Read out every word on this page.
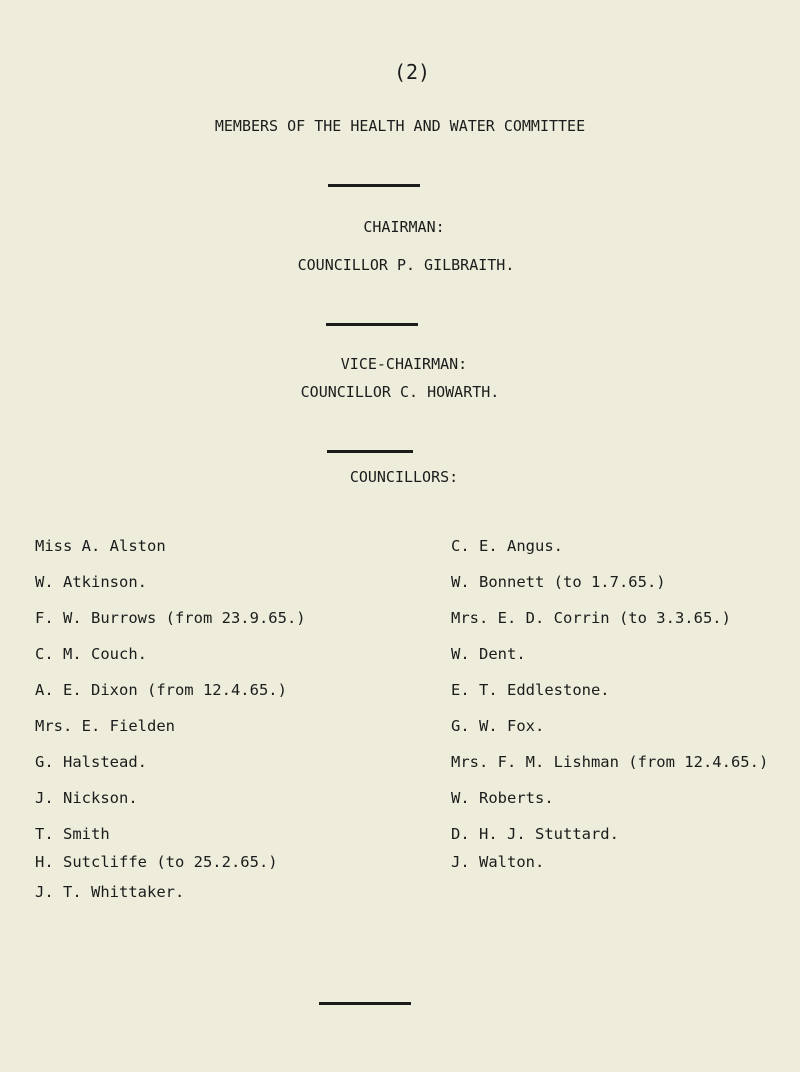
(2)
MEMBERS OF THE HEALTH AND WATER COMMITTEE
CHAIRMAN:
COUNCILLOR P. GILBRAITH.
VICE-CHAIRMAN:
COUNCILLOR C. HOWARTH.
COUNCILLORS:
Miss A. Alston
W. Atkinson.
F. W. Burrows (from 23.9.65.)
C. M. Couch.
A. E. Dixon (from 12.4.65.)
Mrs. E. Fielden
G. Halstead.
J. Nickson.
T. Smith
H. Sutcliffe (to 25.2.65.)
J. T. Whittaker.
C. E. Angus.
W. Bonnett (to 1.7.65.)
Mrs. E. D. Corrin (to 3.3.65.)
W. Dent.
E. T. Eddlestone.
G. W. Fox.
Mrs. F. M. Lishman (from 12.4.65.)
W. Roberts.
D. H. J. Stuttard.
J. Walton.
